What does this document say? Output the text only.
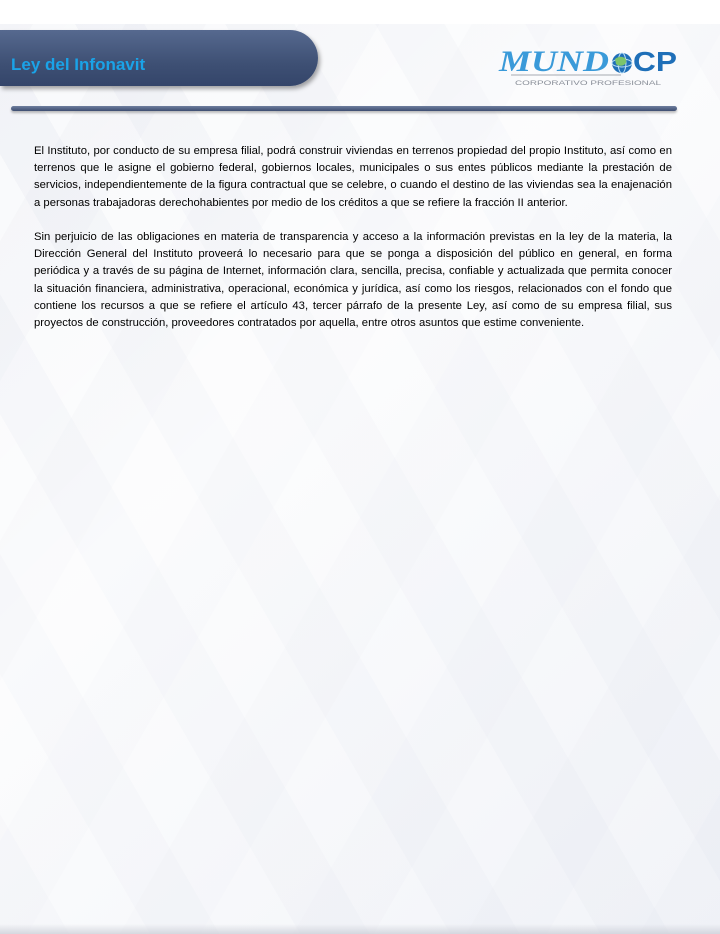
Ley del Infonavit	MUND CP
CORPORATIVO PROFESIONAL

El Instituto, por conducto de su empresa filial, podrá construir viviendas en terrenos propiedad del propio Instituto, así como en terrenos que le asigne el gobierno federal, gobiernos locales, municipales o sus entes públicos mediante la prestación de servicios, independientemente de la figura contractual que se celebre, o cuando el destino de las viviendas sea la enajenación a personas trabajadoras derechohabientes por medio de los créditos a que se refiere la fracción II anterior.

Sin perjuicio de las obligaciones en materia de transparencia y acceso a la información previstas en la ley de la materia, la Dirección General del Instituto proveerá lo necesario para que se ponga a disposición del público en general, en forma periódica y a través de su página de Internet, información clara, sencilla, precisa, confiable y actualizada que permita conocer la situación financiera, administrativa, operacional, económica y jurídica, así como los riesgos, relacionados con el fondo que contiene los recursos a que se refiere el artículo 43, tercer párrafo de la presente Ley, así como de su empresa filial, sus proyectos de construcción, proveedores contratados por aquella, entre otros asuntos que estime conveniente.
